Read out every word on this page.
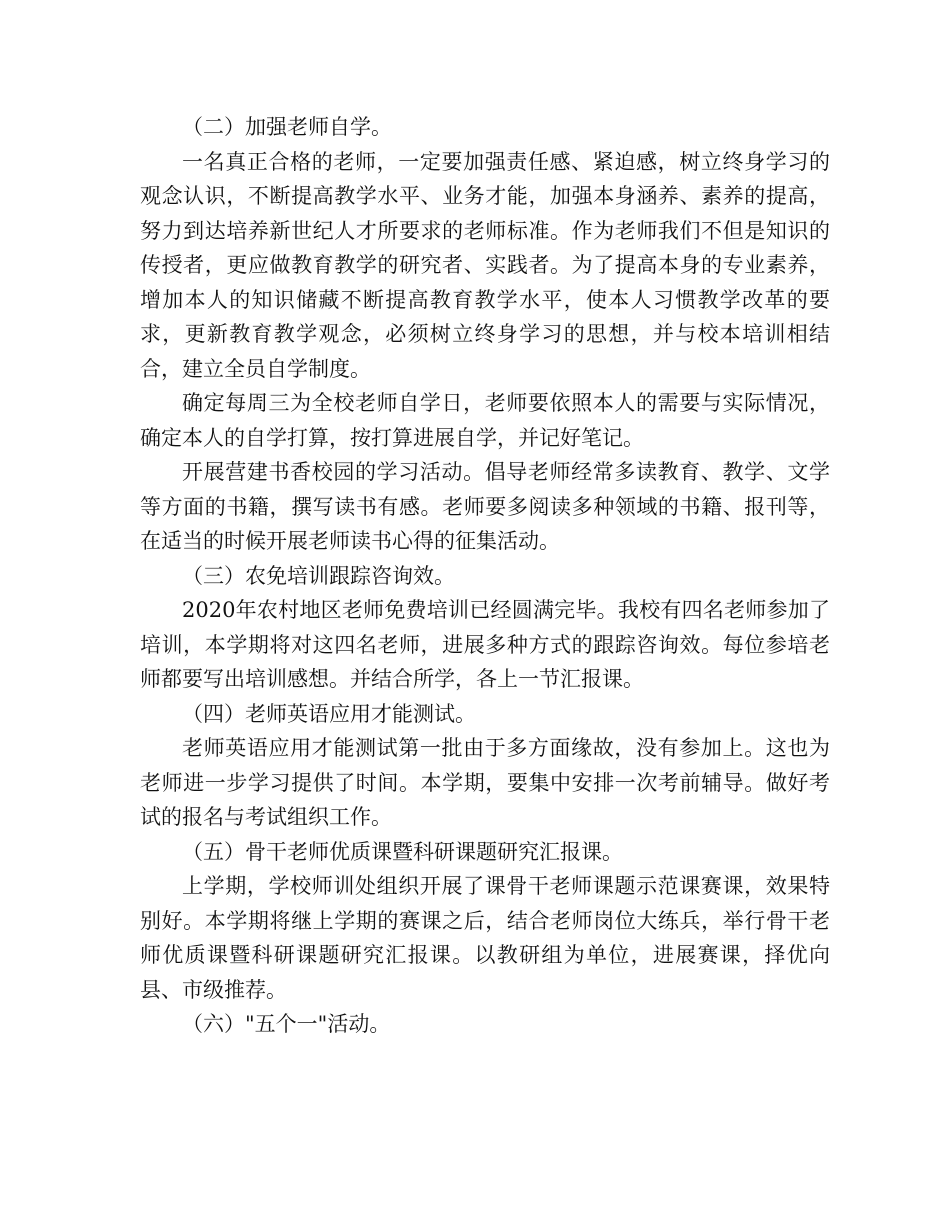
（二）加强老师自学。

一名真正合格的老师，一定要加强责任感、紧迫感，树立终身学习的观念认识，不断提高教学水平、业务才能，加强本身涵养、素养的提高，努力到达培养新世纪人才所要求的老师标准。作为老师我们不但是知识的传授者，更应做教育教学的研究者、实践者。为了提高本身的专业素养，增加本人的知识储藏不断提高教育教学水平，使本人习惯教学改革的要求，更新教育教学观念，必须树立终身学习的思想，并与校本培训相结合，建立全员自学制度。

确定每周三为全校老师自学日，老师要依照本人的需要与实际情况，确定本人的自学打算，按打算进展自学，并记好笔记。

开展营建书香校园的学习活动。倡导老师经常多读教育、教学、文学等方面的书籍，撰写读书有感。老师要多阅读多种领域的书籍、报刊等，在适当的时候开展老师读书心得的征集活动。

（三）农免培训跟踪咨询效。

2020年农村地区老师免费培训已经圆满完毕。我校有四名老师参加了培训，本学期将对这四名老师，进展多种方式的跟踪咨询效。每位参培老师都要写出培训感想。并结合所学，各上一节汇报课。

（四）老师英语应用才能测试。

老师英语应用才能测试第一批由于多方面缘故，没有参加上。这也为老师进一步学习提供了时间。本学期，要集中安排一次考前辅导。做好考试的报名与考试组织工作。

（五）骨干老师优质课暨科研课题研究汇报课。

上学期，学校师训处组织开展了课骨干老师课题示范课赛课，效果特别好。本学期将继上学期的赛课之后，结合老师岗位大练兵，举行骨干老师优质课暨科研课题研究汇报课。以教研组为单位，进展赛课，择优向县、市级推荐。

（六）"五个一"活动。
